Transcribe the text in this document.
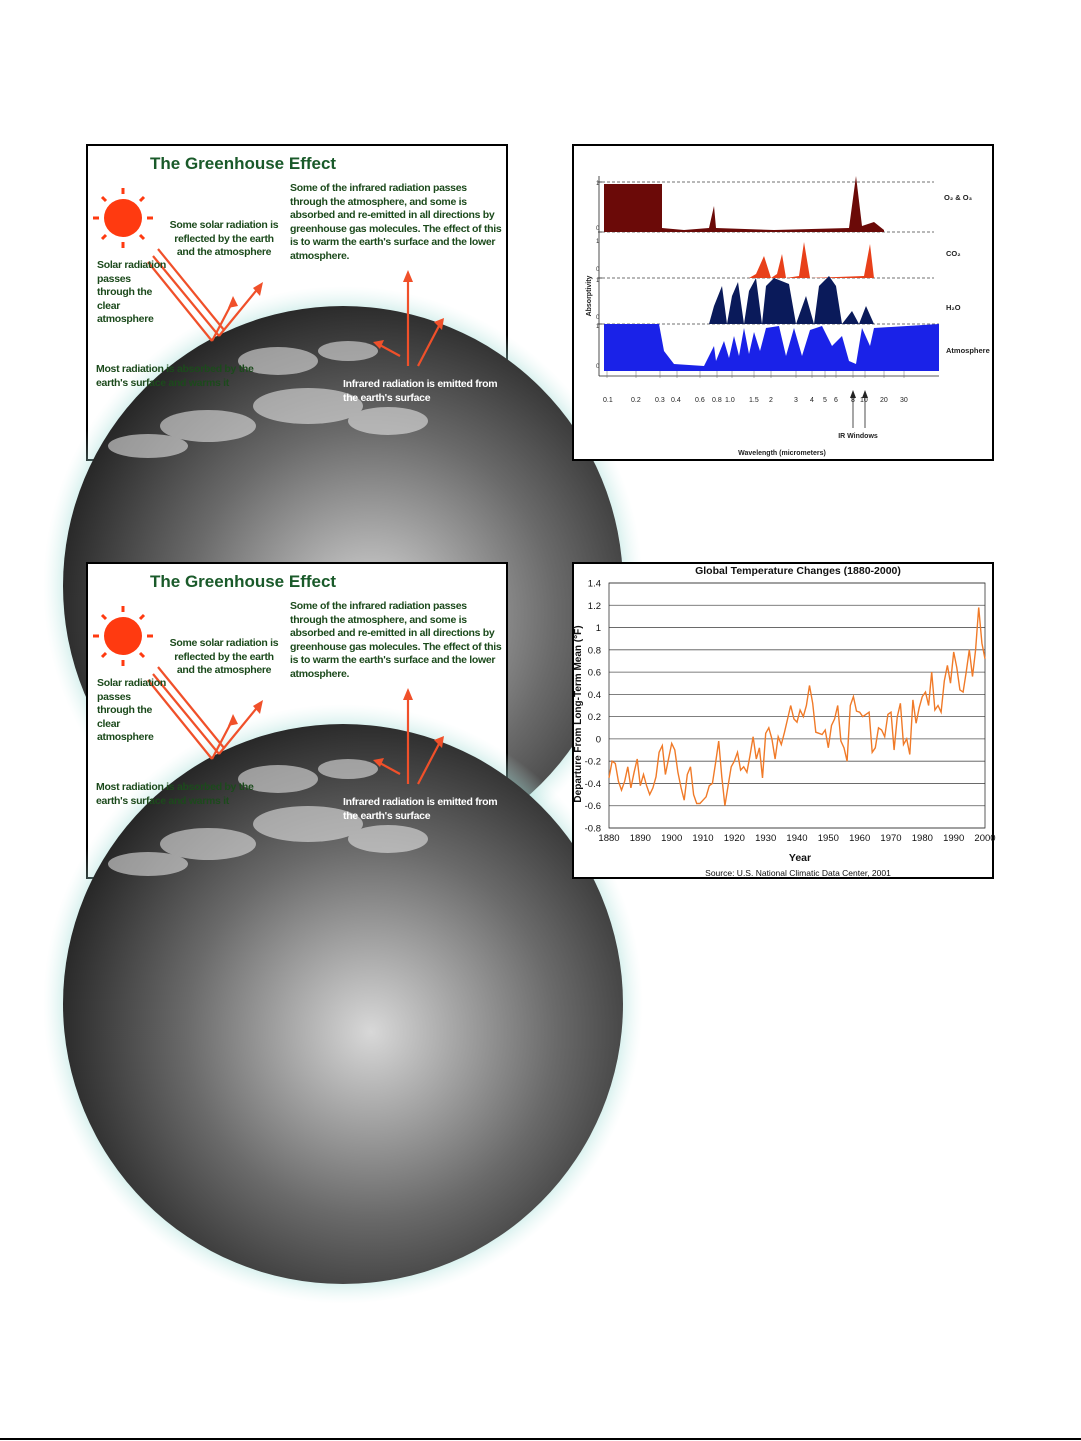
The Greenhouse Effect
Some solar radiation is reflected by the earth and the atmosphere
Some of the infrared radiation passes through the atmosphere, and some is absorbed and re-emitted in all directions by greenhouse gas molecules. The effect of this is to warm the earth's surface and the lower atmosphere.
Solar radiation passes through the clear atmosphere
Most radiation is absorbed by the earth's surface and warms it	Infrared radiation is emitted from the earth's surface	0.1	0.2 0.3 0.4 0.6 0.8 1.0 1.5 2	3 4 5 6 8 10 20 30
1
0
1
0
1
0
1
0
O₂ & O₃
CO₂
H₂O
Atmosphere
Absorptivity
IR Windows
Wavelength (micrometers)
The Greenhouse Effect
Some solar radiation is reflected by the earth and the atmosphere
Some of the infrared radiation passes through the atmosphere, and some is absorbed and re-emitted in all directions by greenhouse gas molecules. The effect of this is to warm the earth's surface and the lower atmosphere.
Solar radiation passes through the clear atmosphere
Most radiation is absorbed by the earth's surface and warms it	Infrared radiation is emitted from the earth's surface
Global Temperature Changes (1880-2000)
-0.8
-0.6
-0.4
-0.2
0
0.2
0.4
0.6
0.8
1
1.2
1.4
1880 1890 1900 1910 1920 1930 1940 1950 1960 1970 1980 1990 2000
Departure From Long-Term Mean (°F)
Year
Source: U.S. National Climatic Data Center, 2001
